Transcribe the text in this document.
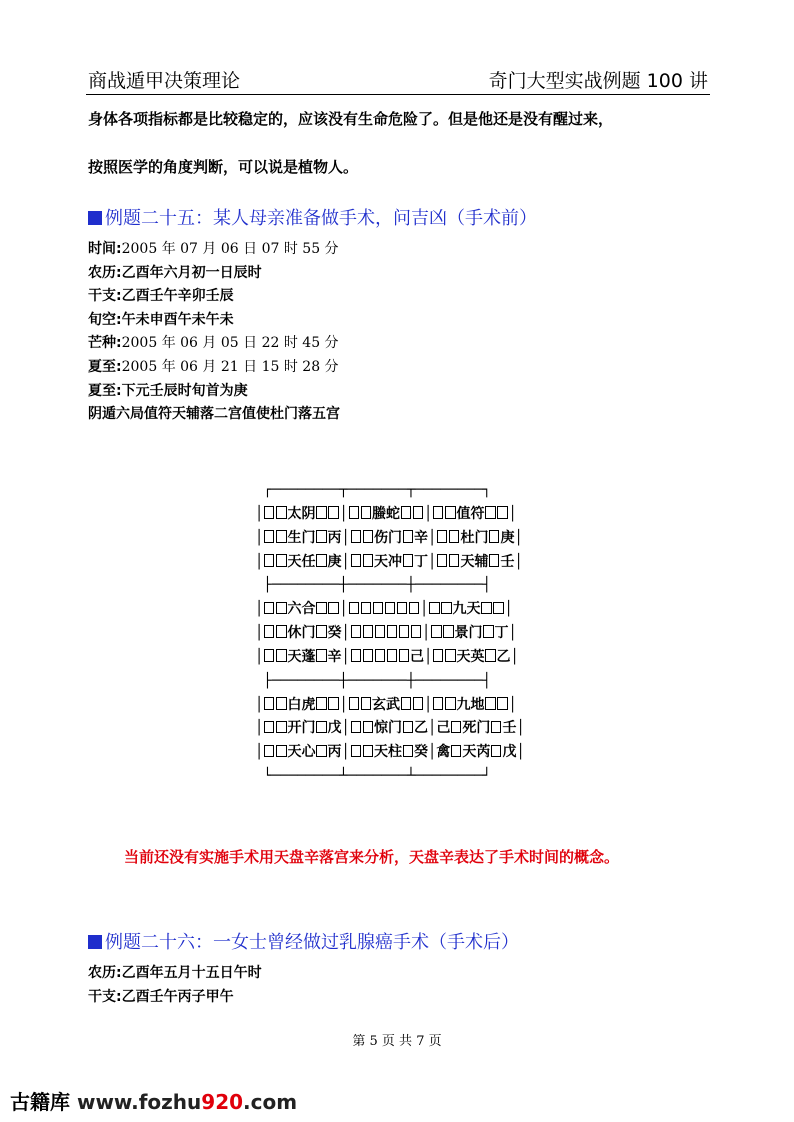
商战遁甲决策理论	奇门大型实战例题 100 讲
身体各项指标都是比较稳定的，应该没有生命危险了。但是他还是没有醒过来，
按照医学的角度判断，可以说是植物人。
例题二十五：某人母亲准备做手术，问吉凶（手术前）
时间:2005 年 07 月 06 日 07 时 55 分
农历:乙酉年六月初一日辰时
干支:乙酉壬午辛卯壬辰
旬空:午未申酉午未午未
芒种:2005 年 06 月 05 日 22 时 45 分
夏至:2005 年 06 月 21 日 15 时 28 分
夏至:下元壬辰时旬首为庚
阴遁六局值符天辅落二宫值使杜门落五宫
┌────────┬───────┬────────┐
│ 太阴 │ 螣蛇 │ 值符 │
│ 生门 丙│ 伤门 辛│ 杜门 庚│
│ 天任 庚│ 天冲 丁│ 天辅 壬│
├────────┼───────┼────────┤
│ 六合 │	│ 九天 │
│ 休门 癸│	│ 景门 丁│
│ 天蓬 辛│	己│ 天英 乙│
├────────┼───────┼────────┤
│ 白虎 │ 玄武 │ 九地 │
│ 开门 戊│ 惊门 乙│己 死门 壬│
│ 天心 丙│ 天柱 癸│禽 天芮 戊│
└────────┴───────┴────────┘
当前还没有实施手术用天盘辛落宫来分析，天盘辛表达了手术时间的概念。
例题二十六：一女士曾经做过乳腺癌手术（手术后）
农历:乙酉年五月十五日午时
干支:乙酉壬午丙子甲午
第 5 页 共 7 页
古籍库 www.fozhu920.com
